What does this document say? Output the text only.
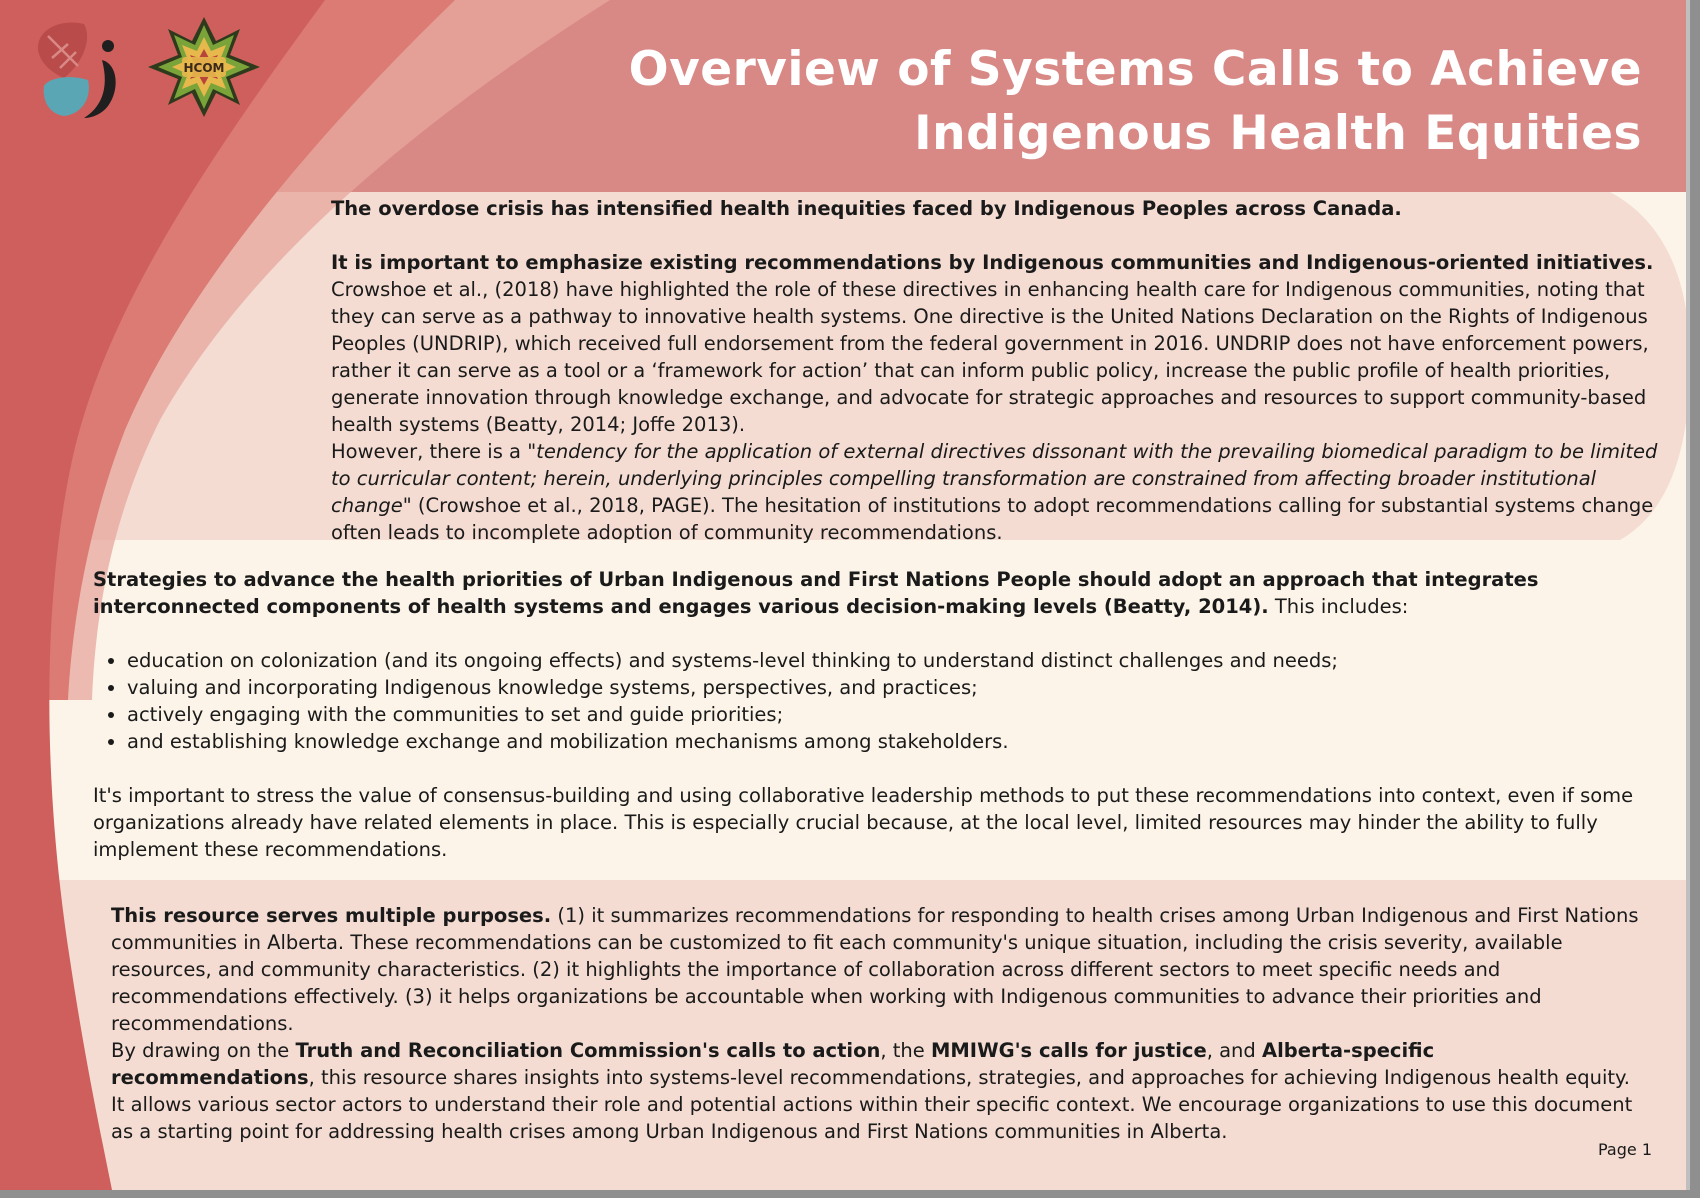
HCOM	Overview of Systems Calls to Achieve
Indigenous Health Equities

The overdose crisis has intensified health inequities faced by Indigenous Peoples across Canada.

It is important to emphasize existing recommendations by Indigenous communities and Indigenous-oriented initiatives. Crowshoe et al., (2018) have highlighted the role of these directives in enhancing health care for Indigenous communities, noting that they can serve as a pathway to innovative health systems. One directive is the United Nations Declaration on the Rights of Indigenous Peoples (UNDRIP), which received full endorsement from the federal government in 2016. UNDRIP does not have enforcement powers, rather it can serve as a tool or a ‘framework for action’ that can inform public policy, increase the public profile of health priorities, generate innovation through knowledge exchange, and advocate for strategic approaches and resources to support community-based health systems (Beatty, 2014; Joffe 2013).

However, there is a "tendency for the application of external directives dissonant with the prevailing biomedical paradigm to be limited to curricular content; herein, underlying principles compelling transformation are constrained from affecting broader institutional change" (Crowshoe et al., 2018, PAGE). The hesitation of institutions to adopt recommendations calling for substantial systems change often leads to incomplete adoption of community recommendations.

Strategies to advance the health priorities of Urban Indigenous and First Nations People should adopt an approach that integrates interconnected components of health systems and engages various decision-making levels (Beatty, 2014). This includes:

• education on colonization (and its ongoing effects) and systems-level thinking to understand distinct challenges and needs;
• valuing and incorporating Indigenous knowledge systems, perspectives, and practices;
• actively engaging with the communities to set and guide priorities;
• and establishing knowledge exchange and mobilization mechanisms among stakeholders.

It's important to stress the value of consensus-building and using collaborative leadership methods to put these recommendations into context, even if some organizations already have related elements in place. This is especially crucial because, at the local level, limited resources may hinder the ability to fully implement these recommendations.

This resource serves multiple purposes. (1) it summarizes recommendations for responding to health crises among Urban Indigenous and First Nations communities in Alberta. These recommendations can be customized to fit each community's unique situation, including the crisis severity, available resources, and community characteristics. (2) it highlights the importance of collaboration across different sectors to meet specific needs and recommendations effectively. (3) it helps organizations be accountable when working with Indigenous communities to advance their priorities and recommendations.

By drawing on the Truth and Reconciliation Commission's calls to action, the MMIWG's calls for justice, and Alberta-specific recommendations, this resource shares insights into systems-level recommendations, strategies, and approaches for achieving Indigenous health equity. It allows various sector actors to understand their role and potential actions within their specific context. We encourage organizations to use this document as a starting point for addressing health crises among Urban Indigenous and First Nations communities in Alberta.

Page 1
